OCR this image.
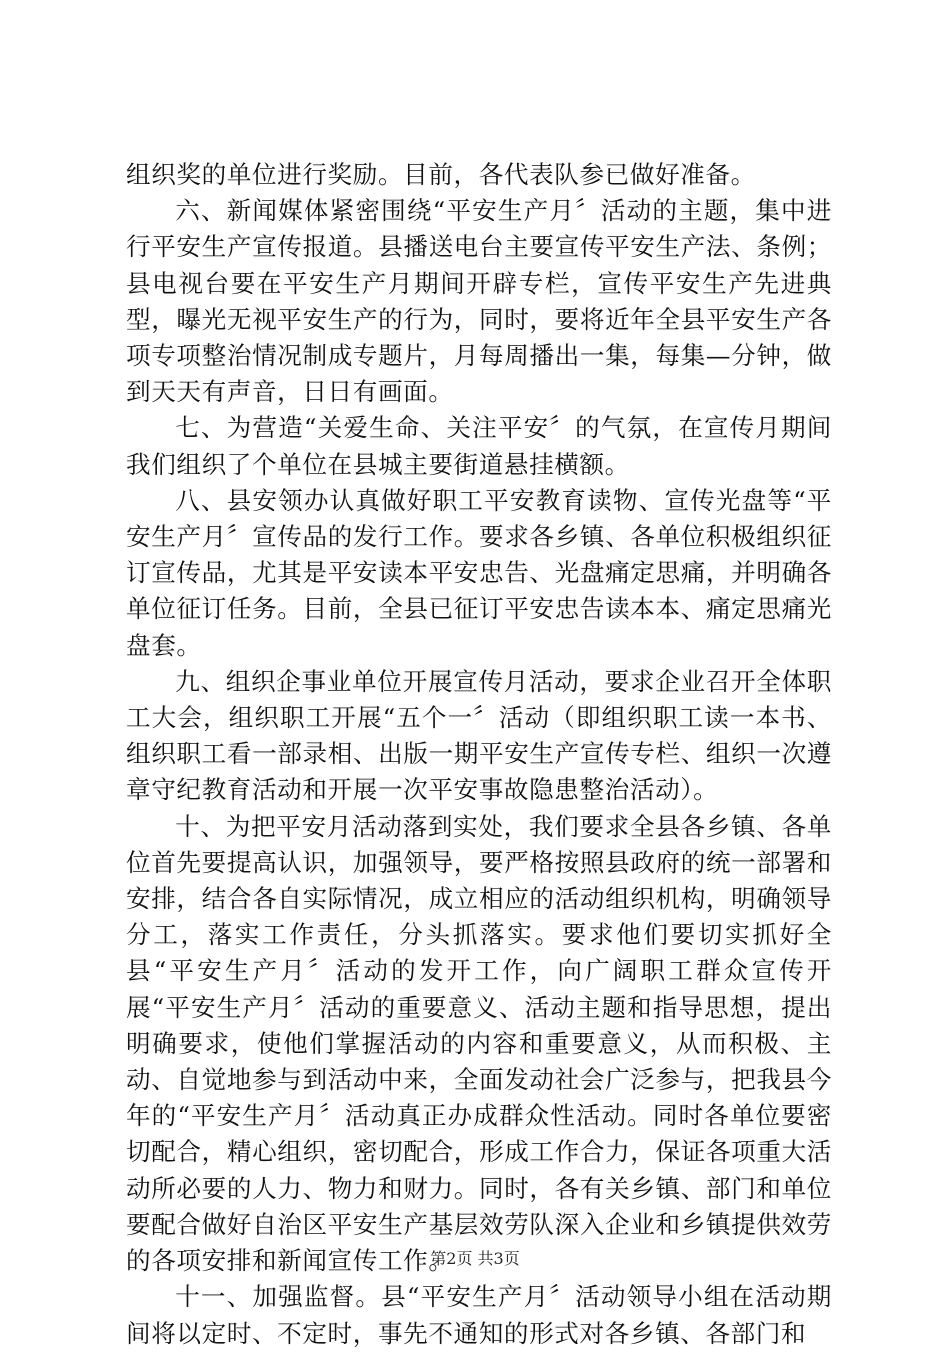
组织奖的单位进行奖励。目前，各代表队参已做好准备。

六、新闻媒体紧密围绕“平安生产月〞活动的主题，集中进行平安生产宣传报道。县播送电台主要宣传平安生产法、条例；县电视台要在平安生产月期间开辟专栏，宣传平安生产先进典型，曝光无视平安生产的行为，同时，要将近年全县平安生产各项专项整治情况制成专题片，月每周播出一集，每集—分钟，做到天天有声音，日日有画面。

七、为营造“关爱生命、关注平安〞的气氛，在宣传月期间我们组织了个单位在县城主要街道悬挂横额。

八、县安领办认真做好职工平安教育读物、宣传光盘等“平安生产月〞宣传品的发行工作。要求各乡镇、各单位积极组织征订宣传品，尤其是平安读本平安忠告、光盘痛定思痛，并明确各单位征订任务。目前，全县已征订平安忠告读本本、痛定思痛光盘套。

九、组织企事业单位开展宣传月活动，要求企业召开全体职工大会，组织职工开展“五个一〞活动（即组织职工读一本书、组织职工看一部录相、出版一期平安生产宣传专栏、组织一次遵章守纪教育活动和开展一次平安事故隐患整治活动）。

十、为把平安月活动落到实处，我们要求全县各乡镇、各单位首先要提高认识，加强领导，要严格按照县政府的统一部署和安排，结合各自实际情况，成立相应的活动组织机构，明确领导分工，落实工作责任，分头抓落实。要求他们要切实抓好全县“平安生产月〞活动的发开工作，向广阔职工群众宣传开展“平安生产月〞活动的重要意义、活动主题和指导思想，提出明确要求，使他们掌握活动的内容和重要意义，从而积极、主动、自觉地参与到活动中来，全面发动社会广泛参与，把我县今年的“平安生产月〞活动真正办成群众性活动。同时各单位要密切配合，精心组织，密切配合，形成工作合力，保证各项重大活动所必要的人力、物力和财力。同时，各有关乡镇、部门和单位要配合做好自治区平安生产基层效劳队深入企业和乡镇提供效劳的各项安排和新闻宣传工作。

十一、加强监督。县“平安生产月〞活动领导小组在活动期间将以定时、不定时，事先不通知的形式对各乡镇、各部门和

第2页 共3页
